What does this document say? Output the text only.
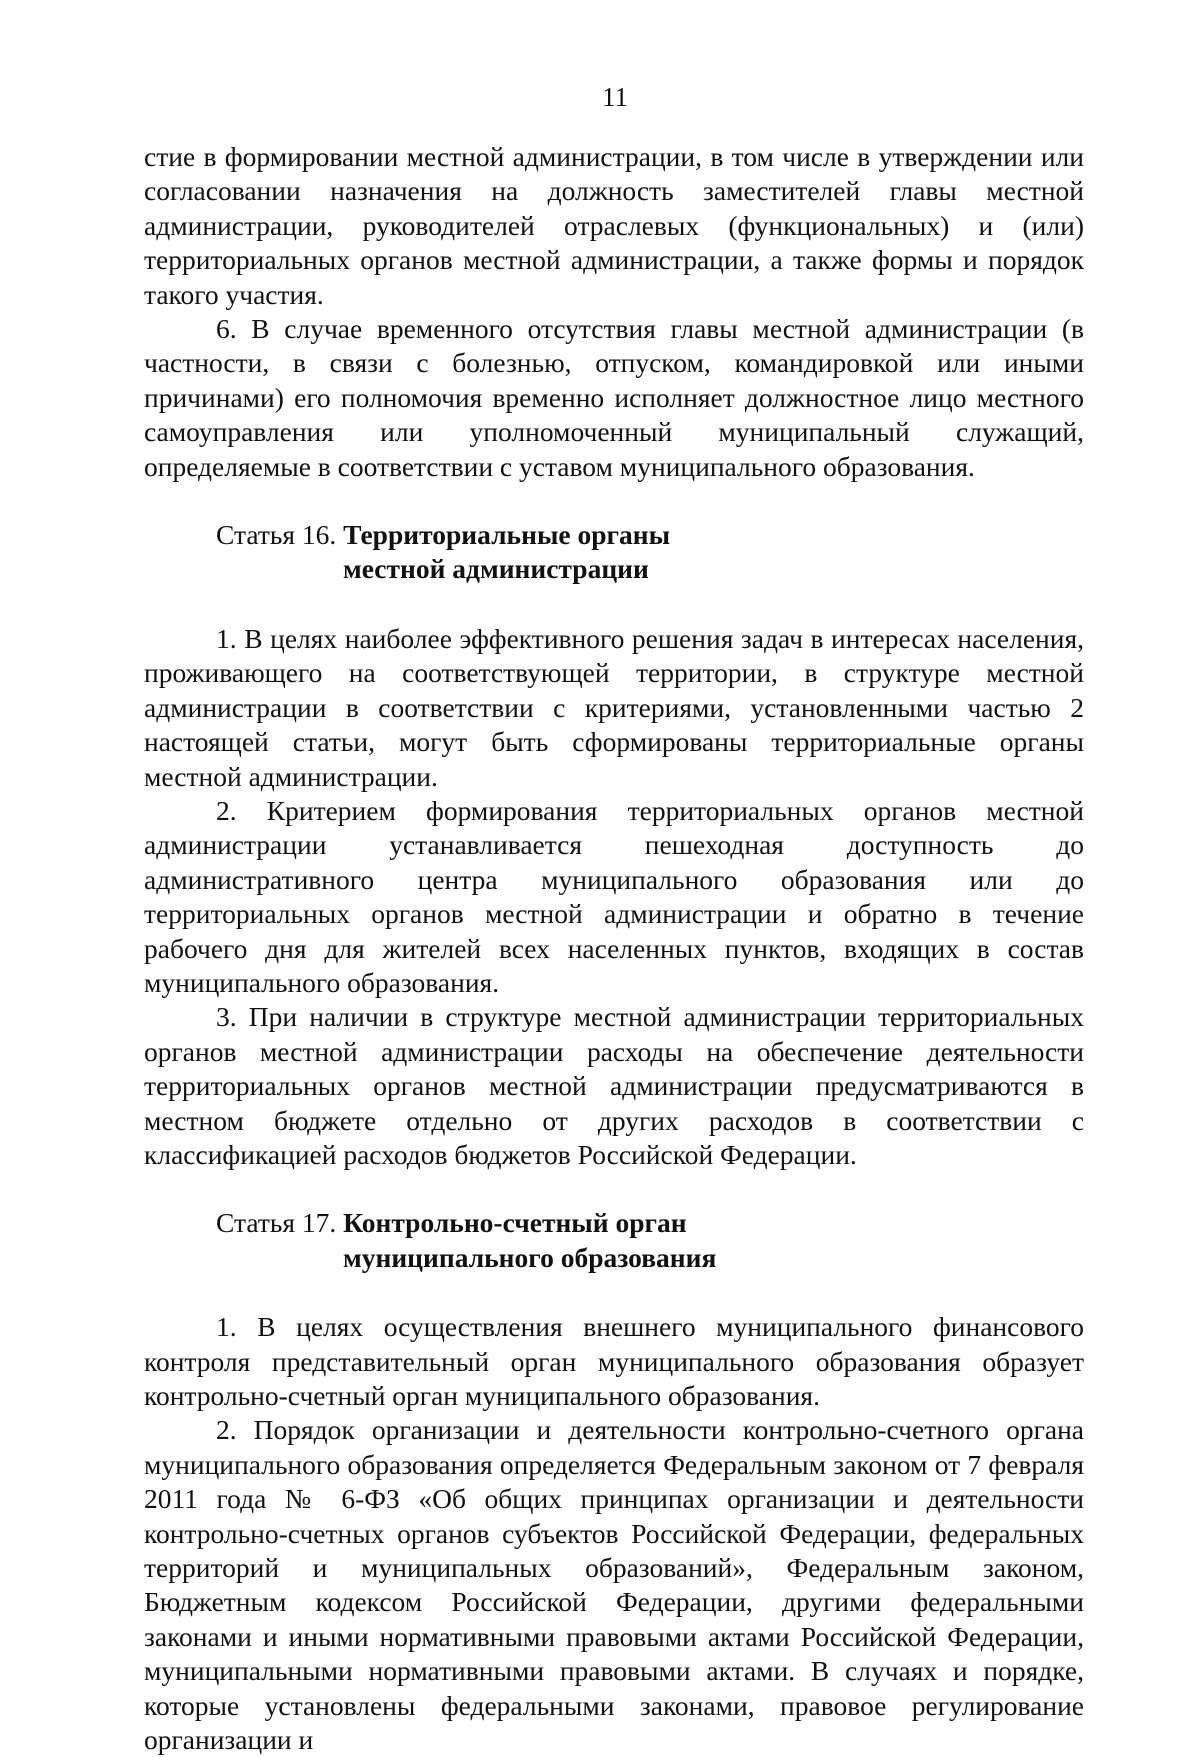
11

стие в формировании местной администрации, в том числе в утверждении или согласовании назначения на должность заместителей главы местной администрации, руководителей отраслевых (функциональных) и (или) территориальных органов местной администрации, а также формы и порядок такого участия.

6. В случае временного отсутствия главы местной администрации (в частности, в связи с болезнью, отпуском, командировкой или иными причинами) его полномочия временно исполняет должностное лицо местного самоуправления или уполномоченный муниципальный служащий, определяемые в соответствии с уставом муниципального образования.

Статья 16. Территориальные органы
местной администрации

1. В целях наиболее эффективного решения задач в интересах населения, проживающего на соответствующей территории, в структуре местной администрации в соответствии с критериями, установленными частью 2 настоящей статьи, могут быть сформированы территориальные органы местной администрации.

2. Критерием формирования территориальных органов местной администрации устанавливается пешеходная доступность до административного центра муниципального образования или до территориальных органов местной администрации и обратно в течение рабочего дня для жителей всех населенных пунктов, входящих в состав муниципального образования.

3. При наличии в структуре местной администрации территориальных органов местной администрации расходы на обеспечение деятельности территориальных органов местной администрации предусматриваются в местном бюджете отдельно от других расходов в соответствии с классификацией расходов бюджетов Российской Федерации.

Статья 17. Контрольно-счетный орган
муниципального образования

1. В целях осуществления внешнего муниципального финансового контроля представительный орган муниципального образования образует контрольно-счетный орган муниципального образования.

2. Порядок организации и деятельности контрольно-счетного органа муниципального образования определяется Федеральным законом от 7 февраля 2011 года № 6-ФЗ «Об общих принципах организации и деятельности контрольно-счетных органов субъектов Российской Федерации, федеральных территорий и муниципальных образований», Федеральным законом, Бюджетным кодексом Российской Федерации, другими федеральными законами и иными нормативными правовыми актами Российской Федерации, муниципальными нормативными правовыми актами. В случаях и порядке, которые установлены федеральными законами, правовое регулирование организации и
